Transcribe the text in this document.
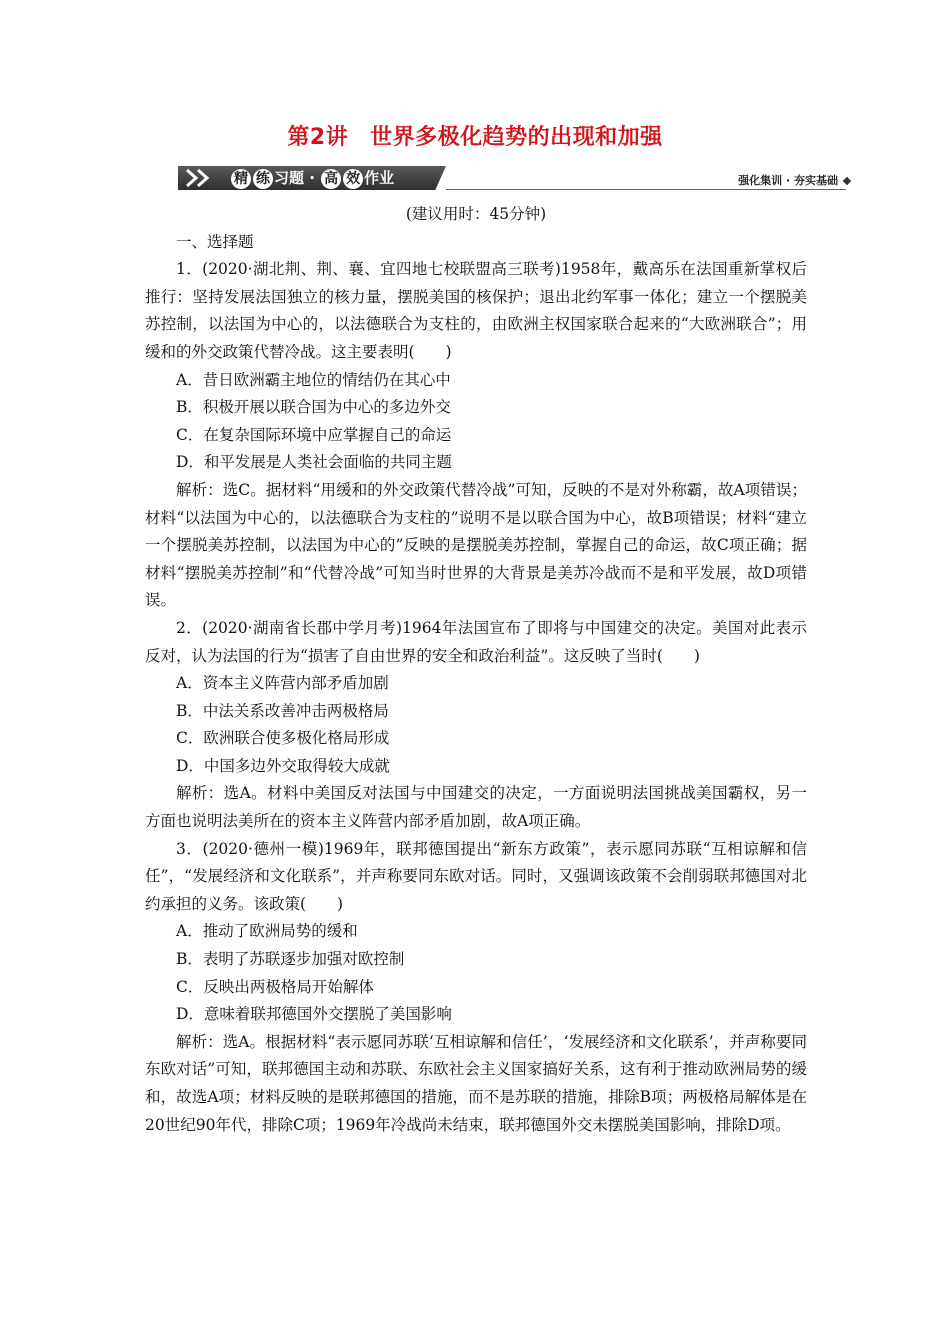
第2讲 世界多极化趋势的出现和加强
精 练 习题 · 高 效 作业	强化集训 · 夯实基础

(建议用时：45分钟)

一、选择题

1．(2020·湖北荆、荆、襄、宜四地七校联盟高三联考)1958年，戴高乐在法国重新掌权后推行：坚持发展法国独立的核力量，摆脱美国的核保护；退出北约军事一体化；建立一个摆脱美苏控制，以法国为中心的，以法德联合为支柱的，由欧洲主权国家联合起来的“大欧洲联合”；用缓和的外交政策代替冷战。这主要表明(　　)

A．昔日欧洲霸主地位的情结仍在其心中

B．积极开展以联合国为中心的多边外交

C．在复杂国际环境中应掌握自己的命运

D．和平发展是人类社会面临的共同主题

解析：选C。据材料“用缓和的外交政策代替冷战”可知，反映的不是对外称霸，故A项错误；材料“以法国为中心的，以法德联合为支柱的”说明不是以联合国为中心，故B项错误；材料“建立一个摆脱美苏控制，以法国为中心的”反映的是摆脱美苏控制，掌握自己的命运，故C项正确；据材料“摆脱美苏控制”和“代替冷战”可知当时世界的大背景是美苏冷战而不是和平发展，故D项错误。

2．(2020·湖南省长郡中学月考)1964年法国宣布了即将与中国建交的决定。美国对此表示反对，认为法国的行为“损害了自由世界的安全和政治利益”。这反映了当时(　　)

A．资本主义阵营内部矛盾加剧

B．中法关系改善冲击两极格局

C．欧洲联合使多极化格局形成

D．中国多边外交取得较大成就

解析：选A。材料中美国反对法国与中国建交的决定，一方面说明法国挑战美国霸权，另一方面也说明法美所在的资本主义阵营内部矛盾加剧，故A项正确。

3．(2020·德州一模)1969年，联邦德国提出“新东方政策”，表示愿同苏联“互相谅解和信任”，“发展经济和文化联系”，并声称要同东欧对话。同时，又强调该政策不会削弱联邦德国对北约承担的义务。该政策(　　)

A．推动了欧洲局势的缓和

B．表明了苏联逐步加强对欧控制

C．反映出两极格局开始解体

D．意味着联邦德国外交摆脱了美国影响

解析：选A。根据材料“表示愿同苏联‘互相谅解和信任’，‘发展经济和文化联系’，并声称要同东欧对话”可知，联邦德国主动和苏联、东欧社会主义国家搞好关系，这有利于推动欧洲局势的缓和，故选A项；材料反映的是联邦德国的措施，而不是苏联的措施，排除B项；两极格局解体是在20世纪90年代，排除C项；1969年冷战尚未结束，联邦德国外交未摆脱美国影响，排除D项。
